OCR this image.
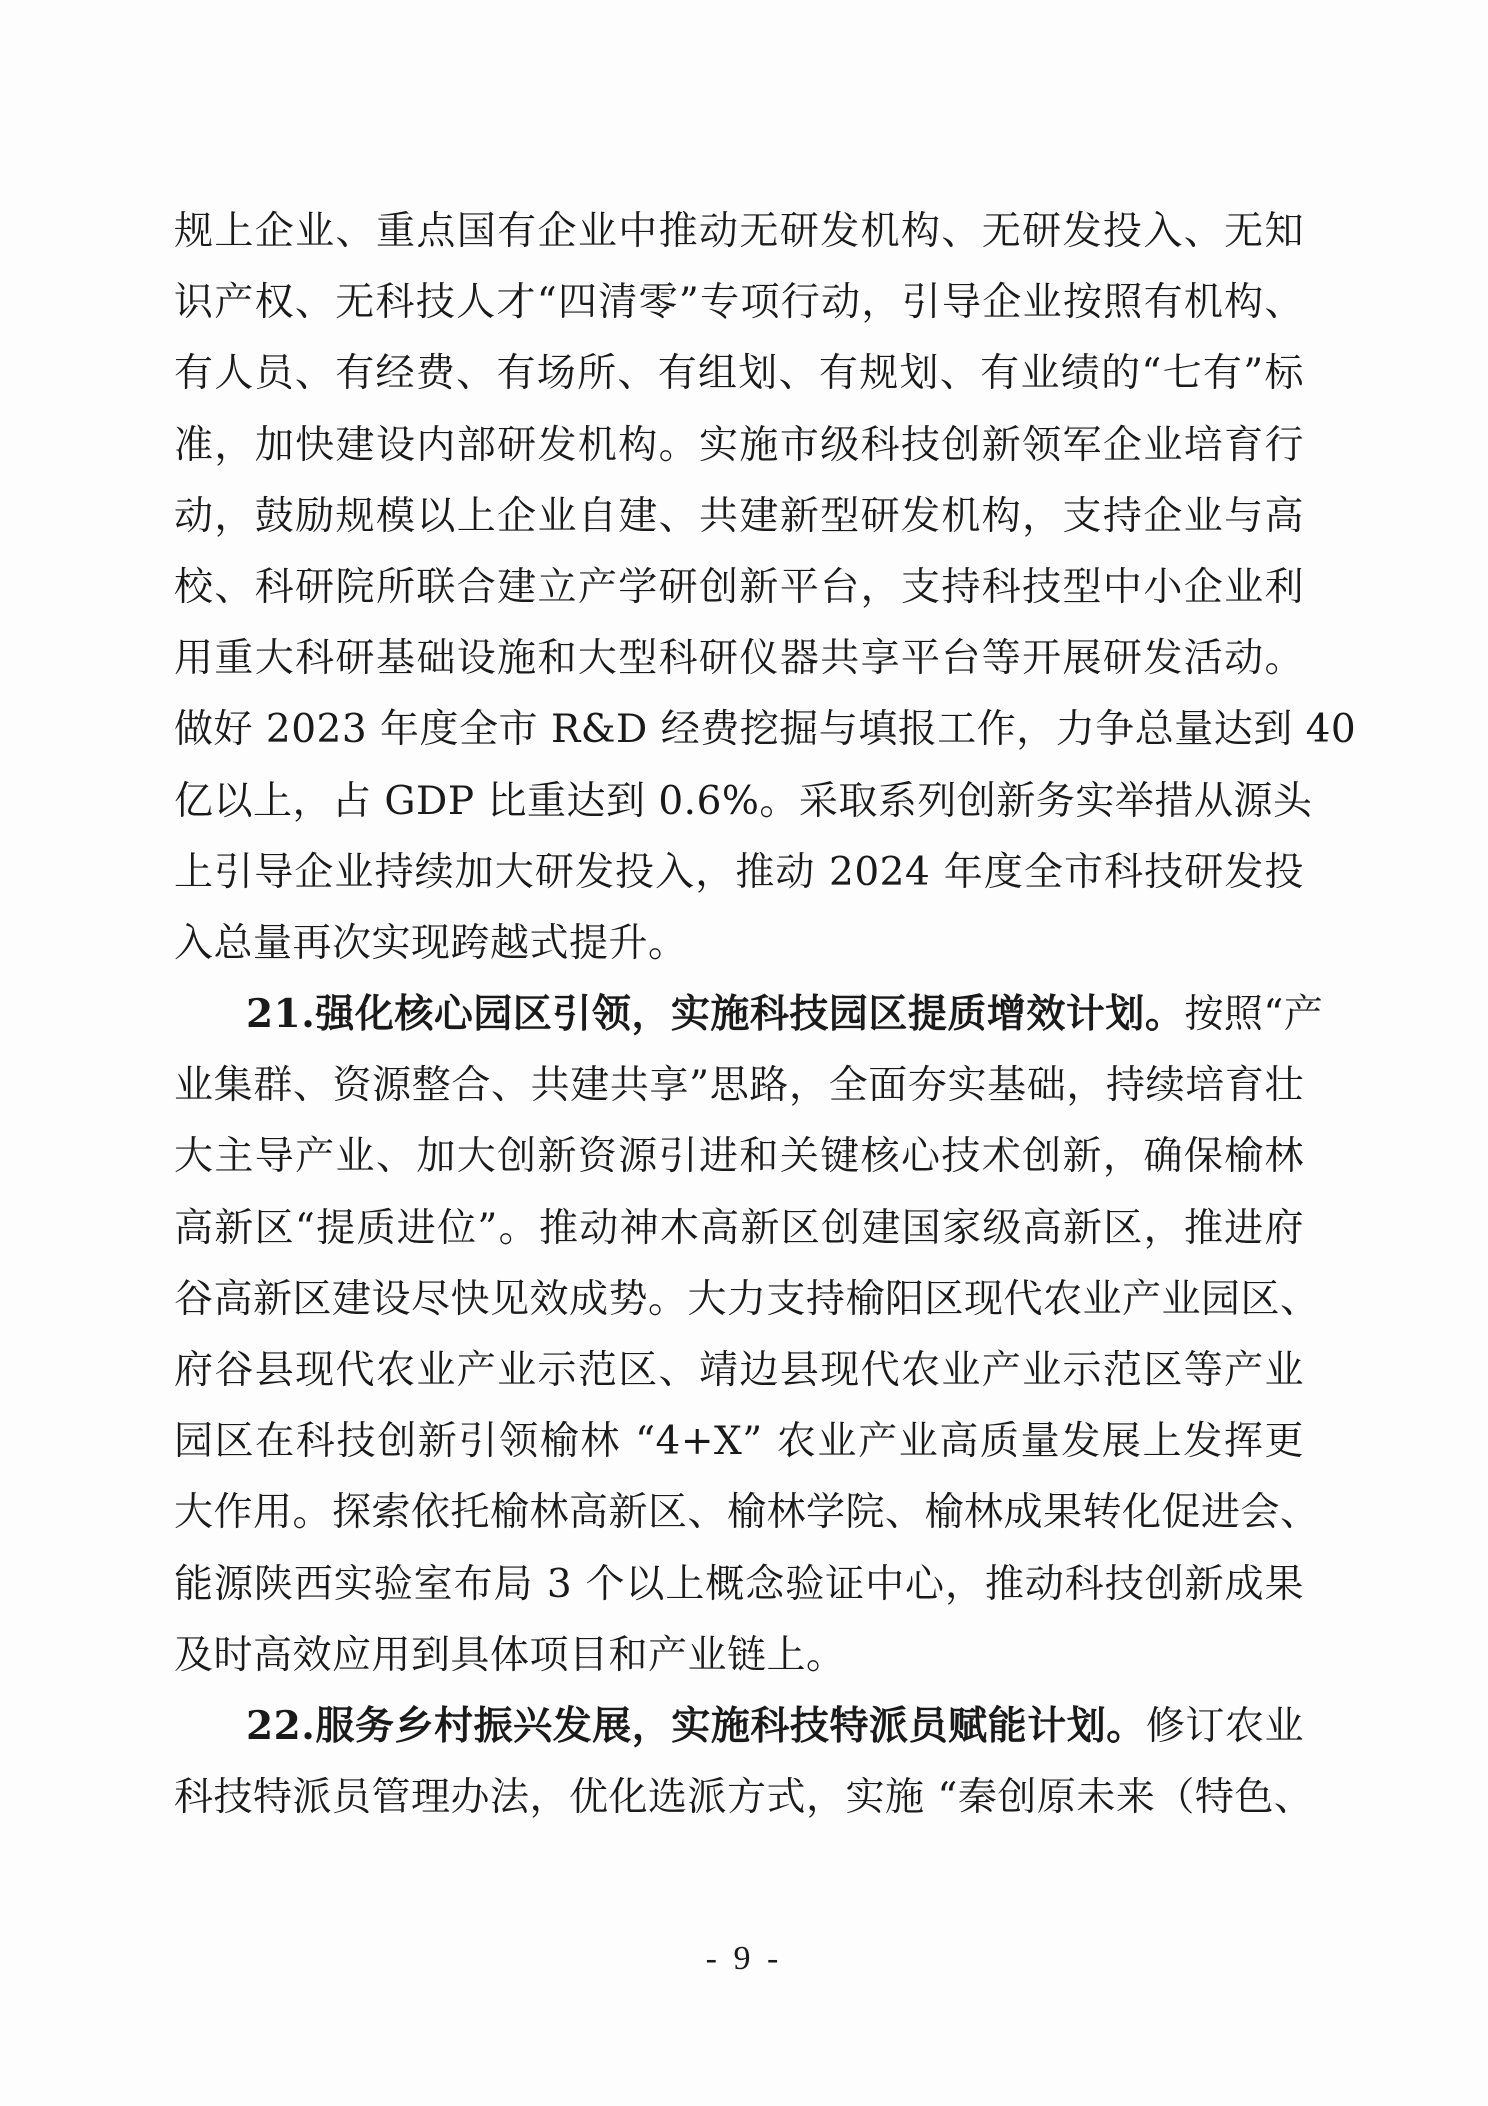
规上企业、重点国有企业中推动无研发机构、无研发投入、无知
识产权、无科技人才“四清零”专项行动，引导企业按照有机构、
有人员、有经费、有场所、有组划、有规划、有业绩的“七有”标
准，加快建设内部研发机构。实施市级科技创新领军企业培育行
动，鼓励规模以上企业自建、共建新型研发机构，支持企业与高
校、科研院所联合建立产学研创新平台，支持科技型中小企业利
用重大科研基础设施和大型科研仪器共享平台等开展研发活动。
做好 2023 年度全市 R&D 经费挖掘与填报工作，力争总量达到 40
亿以上，占 GDP 比重达到 0.6%。采取系列创新务实举措从源头
上引导企业持续加大研发投入，推动 2024 年度全市科技研发投
入总量再次实现跨越式提升。
21.强化核心园区引领，实施科技园区提质增效计划。按照“产
业集群、资源整合、共建共享”思路，全面夯实基础，持续培育壮
大主导产业、加大创新资源引进和关键核心技术创新，确保榆林
高新区“提质进位”。推动神木高新区创建国家级高新区，推进府
谷高新区建设尽快见效成势。大力支持榆阳区现代农业产业园区、
府谷县现代农业产业示范区、靖边县现代农业产业示范区等产业
园区在科技创新引领榆林 “4+X” 农业产业高质量发展上发挥更
大作用。探索依托榆林高新区、榆林学院、榆林成果转化促进会、
能源陕西实验室布局 3 个以上概念验证中心，推动科技创新成果
及时高效应用到具体项目和产业链上。
22.服务乡村振兴发展，实施科技特派员赋能计划。修订农业
科技特派员管理办法，优化选派方式，实施 “秦创原未来（特色、
- 9 -
